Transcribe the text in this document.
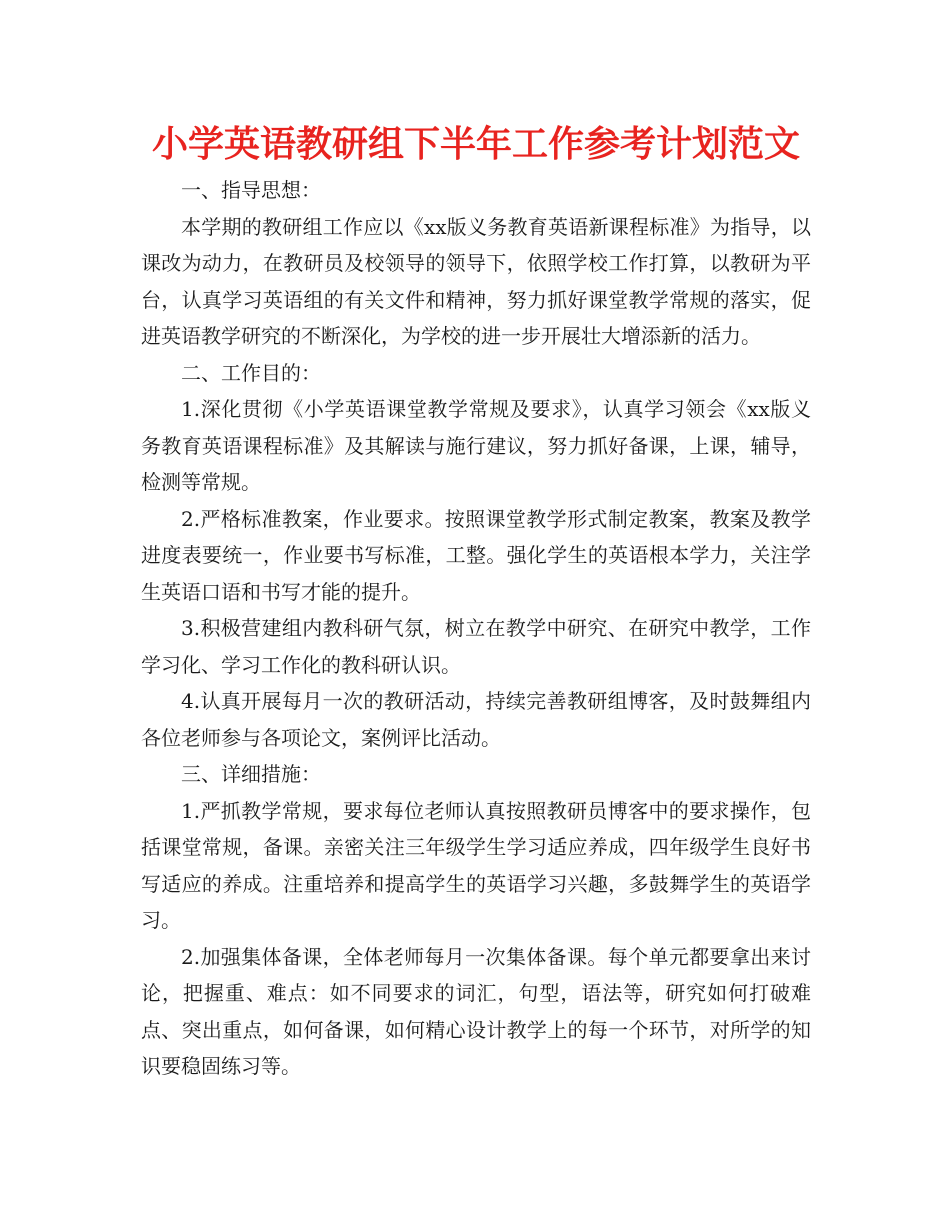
小学英语教研组下半年工作参考计划范文

一、指导思想：

本学期的教研组工作应以《xx版义务教育英语新课程标准》为指导，以课改为动力，在教研员及校领导的领导下，依照学校工作打算，以教研为平台，认真学习英语组的有关文件和精神，努力抓好课堂教学常规的落实，促进英语教学研究的不断深化，为学校的进一步开展壮大增添新的活力。

二、工作目的：

1.深化贯彻《小学英语课堂教学常规及要求》，认真学习领会《xx版义务教育英语课程标准》及其解读与施行建议，努力抓好备课，上课，辅导，检测等常规。

2.严格标准教案，作业要求。按照课堂教学形式制定教案，教案及教学进度表要统一，作业要书写标准，工整。强化学生的英语根本学力，关注学生英语口语和书写才能的提升。

3.积极营建组内教科研气氛，树立在教学中研究、在研究中教学，工作学习化、学习工作化的教科研认识。

4.认真开展每月一次的教研活动，持续完善教研组博客，及时鼓舞组内各位老师参与各项论文，案例评比活动。

三、详细措施：

1.严抓教学常规，要求每位老师认真按照教研员博客中的要求操作，包括课堂常规，备课。亲密关注三年级学生学习适应养成，四年级学生良好书写适应的养成。注重培养和提高学生的英语学习兴趣，多鼓舞学生的英语学习。

2.加强集体备课，全体老师每月一次集体备课。每个单元都要拿出来讨论，把握重、难点：如不同要求的词汇，句型，语法等，研究如何打破难点、突出重点，如何备课，如何精心设计教学上的每一个环节，对所学的知识要稳固练习等。
